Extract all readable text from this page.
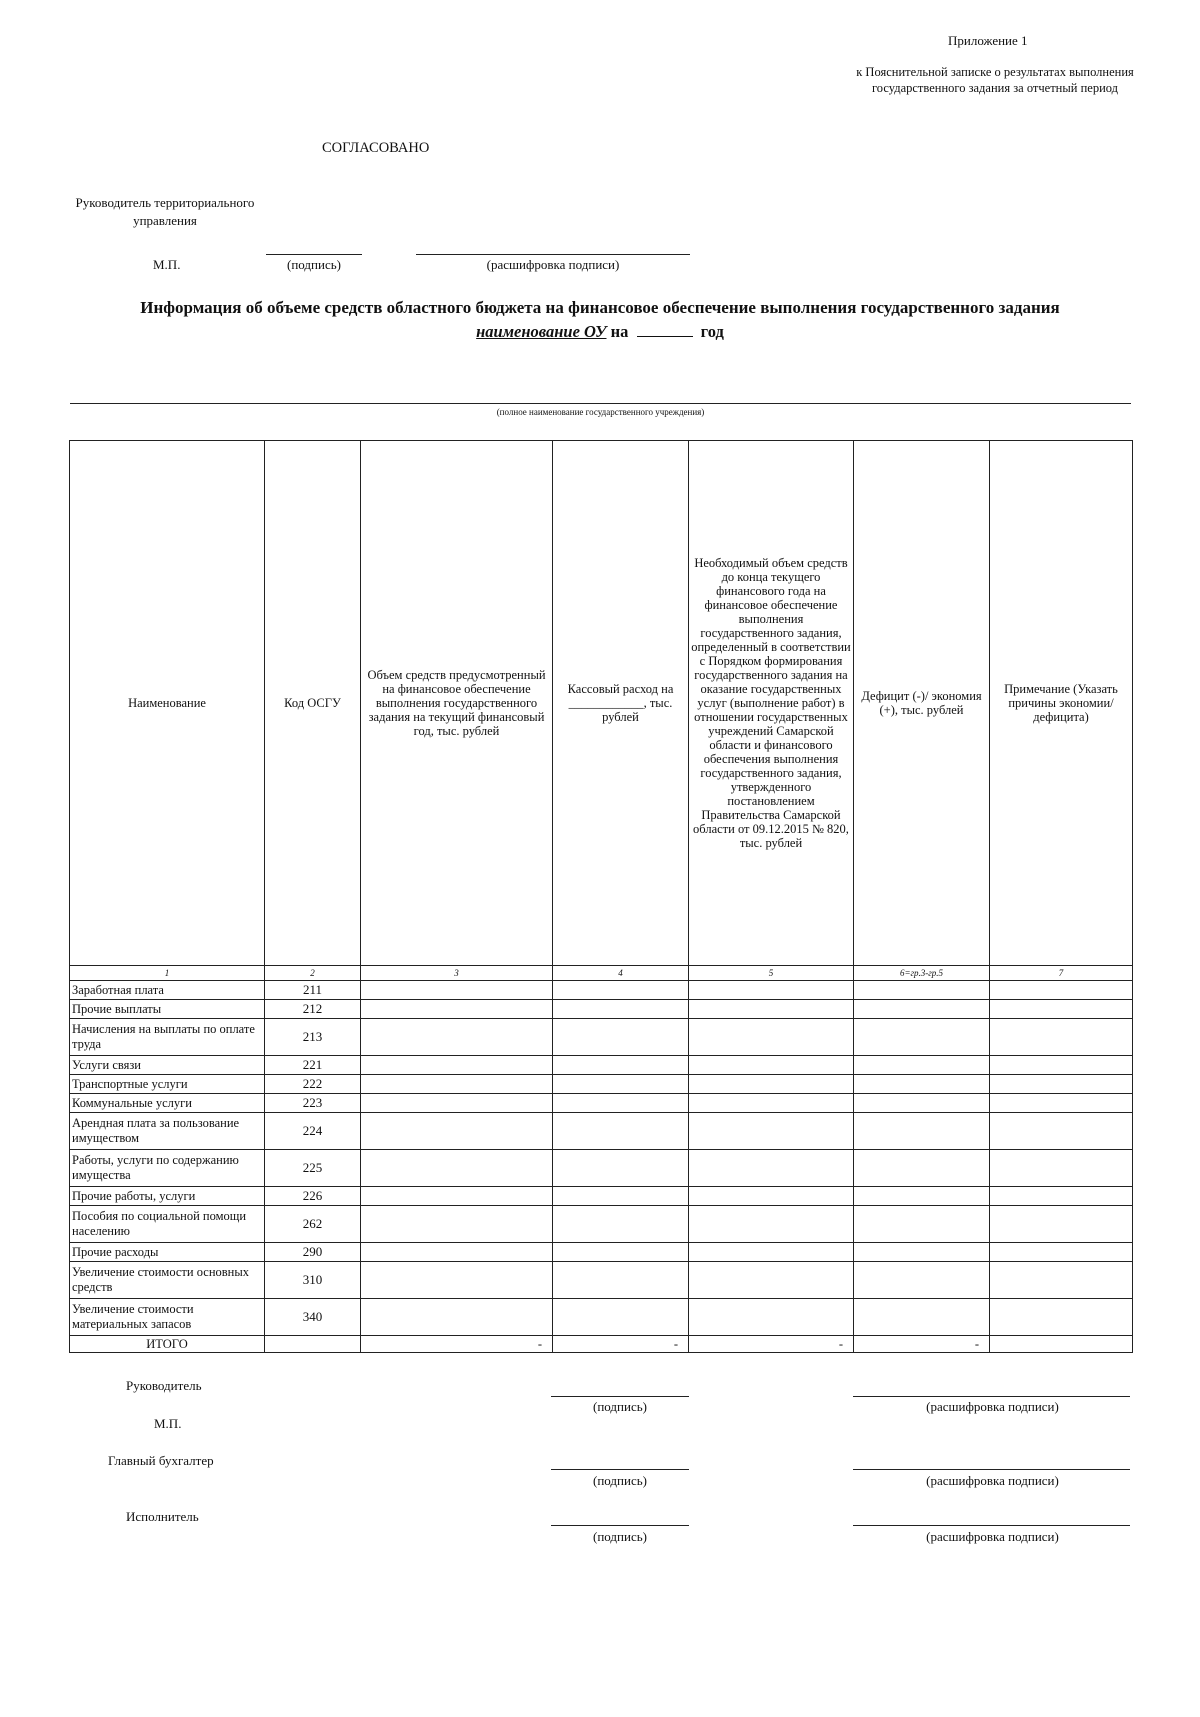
Приложение 1
к Пояснительной записке о результатах выполнения государственного задания за отчетный период
СОГЛАСОВАНО
Руководитель территориального управления
М.П.	(подпись)	(расшифровка подписи)
Информация об объеме средств областного бюджета на финансовое обеспечение выполнения государственного задания
наименование ОУ на	год
(полное наименование государственного учреждения)
Наименование	Код ОСГУ	Объем средств предусмотренный на финансовое обеспечение выполнения государственного задания на текущий финансовый год, тыс. рублей	Кассовый расход на ____________, тыс. рублей	Необходимый объем средств до конца текущего финансового года на финансовое обеспечение выполнения государственного задания, определенный в соответствии с Порядком формирования государственного задания на оказание государственных услуг (выполнение работ) в отношении государственных учреждений Самарской области и финансового обеспечения выполнения государственного задания, утвержденного постановлением Правительства Самарской области от 09.12.2015 № 820, тыс. рублей	Дефицит (-)/ экономия (+), тыс. рублей	Примечание (Указать причины экономии/дефицита)
1	2	3	4	5	6=гр.3-гр.5	7
Заработная плата	211					
Прочие выплаты	212					
Начисления на выплаты по оплате труда	213					
Услуги связи	221					
Транспортные услуги	222					
Коммунальные услуги	223					
Арендная плата за пользование имуществом	224					
Работы, услуги по содержанию имущества	225					
Прочие работы, услуги	226					
Пособия по социальной помощи населению	262					
Прочие расходы	290					
Увеличение стоимости основных средств	310					
Увеличение стоимости материальных запасов	340					
ИТОГО		-	-	-	-	
Руководитель
М.П.
(подпись)	(расшифровка подписи)
Главный бухгалтер
(подпись)	(расшифровка подписи)
Исполнитель
(подпись)	(расшифровка подписи)
